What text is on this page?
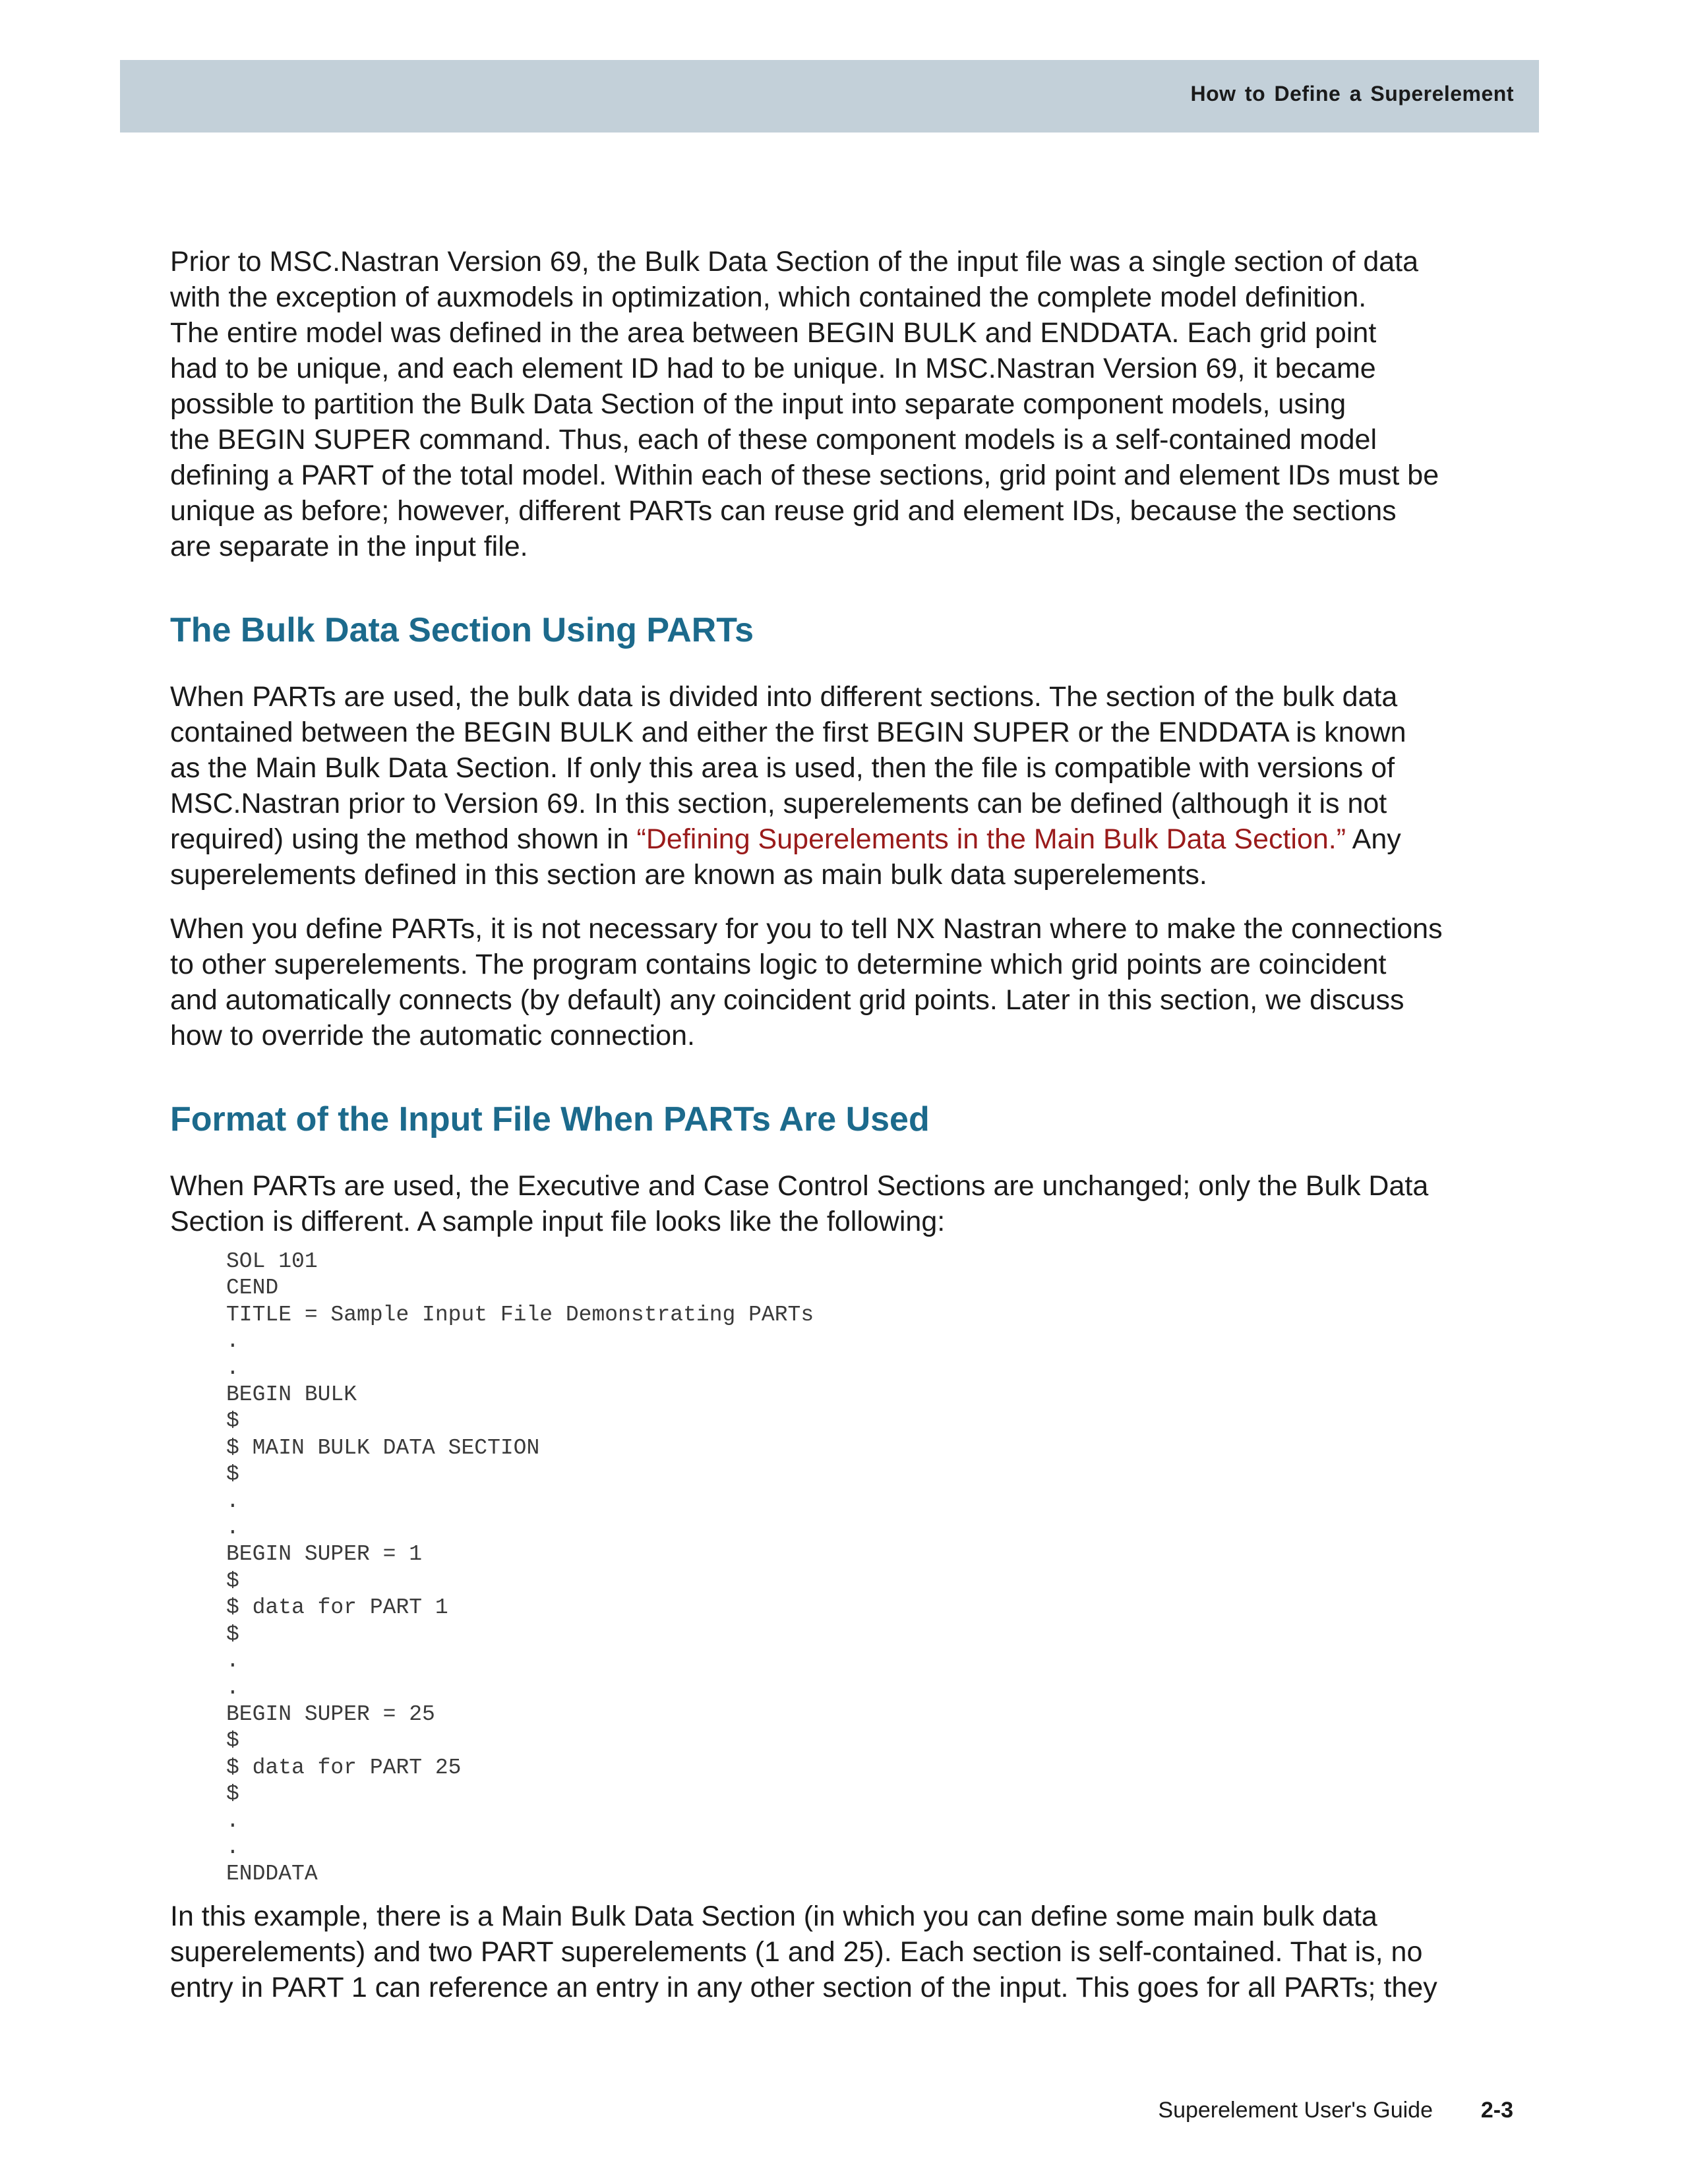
How to Define a Superelement

Prior to MSC.Nastran Version 69, the Bulk Data Section of the input file was a single section of data
with the exception of auxmodels in optimization, which contained the complete model definition.
The entire model was defined in the area between BEGIN BULK and ENDDATA. Each grid point
had to be unique, and each element ID had to be unique. In MSC.Nastran Version 69, it became
possible to partition the Bulk Data Section of the input into separate component models, using
the BEGIN SUPER command. Thus, each of these component models is a self-contained model
defining a PART of the total model. Within each of these sections, grid point and element IDs must be
unique as before; however, different PARTs can reuse grid and element IDs, because the sections
are separate in the input file.

The Bulk Data Section Using PARTs

When PARTs are used, the bulk data is divided into different sections. The section of the bulk data
contained between the BEGIN BULK and either the first BEGIN SUPER or the ENDDATA is known
as the Main Bulk Data Section. If only this area is used, then the file is compatible with versions of
MSC.Nastran prior to Version 69. In this section, superelements can be defined (although it is not
required) using the method shown in “Defining Superelements in the Main Bulk Data Section.” Any
superelements defined in this section are known as main bulk data superelements.

When you define PARTs, it is not necessary for you to tell NX Nastran where to make the connections
to other superelements. The program contains logic to determine which grid points are coincident
and automatically connects (by default) any coincident grid points. Later in this section, we discuss
how to override the automatic connection.

Format of the Input File When PARTs Are Used

When PARTs are used, the Executive and Case Control Sections are unchanged; only the Bulk Data
Section is different. A sample input file looks like the following:

SOL 101
CEND
TITLE = Sample Input File Demonstrating PARTs
.
.
BEGIN BULK
$
$ MAIN BULK DATA SECTION
$
.
.
BEGIN SUPER = 1
$
$ data for PART 1
$
.
.
BEGIN SUPER = 25
$
$ data for PART 25
$
.
.
ENDDATA

In this example, there is a Main Bulk Data Section (in which you can define some main bulk data
superelements) and two PART superelements (1 and 25). Each section is self-contained. That is, no
entry in PART 1 can reference an entry in any other section of the input. This goes for all PARTs; they

Superelement User's Guide 2-3
